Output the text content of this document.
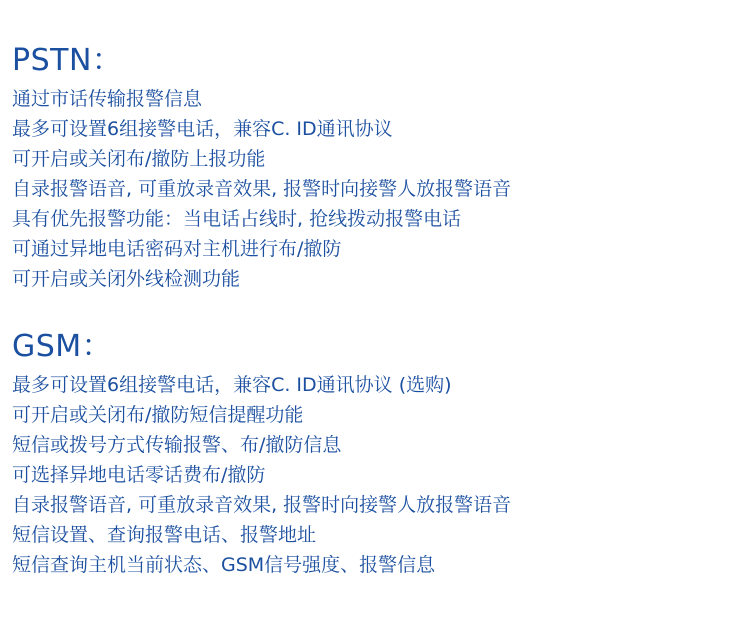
PSTN：
通过市话传输报警信息
最多可设置6组接警电话，兼容C. ID通讯协议
可开启或关闭布/撤防上报功能
自录报警语音, 可重放录音效果, 报警时向接警人放报警语音
具有优先报警功能：当电话占线时, 抢线拨动报警电话
可通过异地电话密码对主机进行布/撤防
可开启或关闭外线检测功能
GSM：
最多可设置6组接警电话，兼容C. ID通讯协议 (选购)
可开启或关闭布/撤防短信提醒功能
短信或拨号方式传输报警、布/撤防信息
可选择异地电话零话费布/撤防
自录报警语音, 可重放录音效果, 报警时向接警人放报警语音
短信设置、查询报警电话、报警地址
短信查询主机当前状态、GSM信号强度、报警信息
